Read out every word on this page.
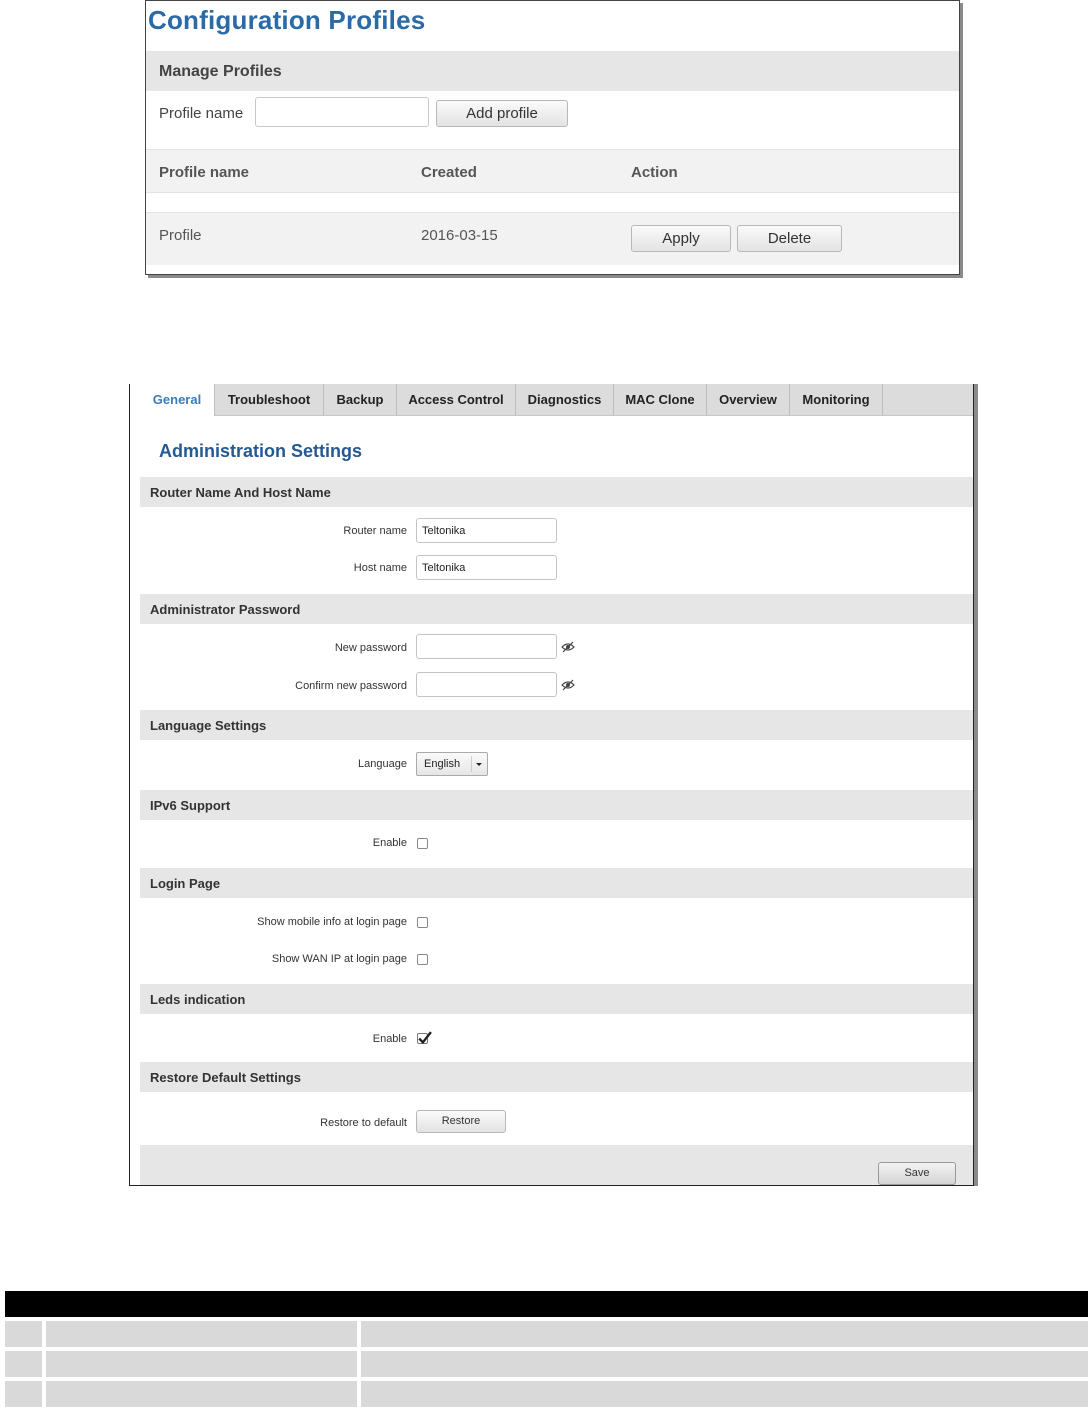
Configuration Profiles
Manage Profiles
Profile name	Add profile
Profile name	Created	Action
Profile	2016-03-15	Apply	Delete
General	Troubleshoot	Backup	Access Control	Diagnostics	MAC Clone	Overview	Monitoring
Administration Settings
Router Name And Host Name
Router name
Teltonika
Host name
Teltonika
Administrator Password
New password
Confirm new password
Language Settings
Language English
IPv6 Support
Enable
Login Page
Show mobile info at login page
Show WAN IP at login page
Leds indication
Enable
Restore Default Settings
Restore to default	Restore
Save
